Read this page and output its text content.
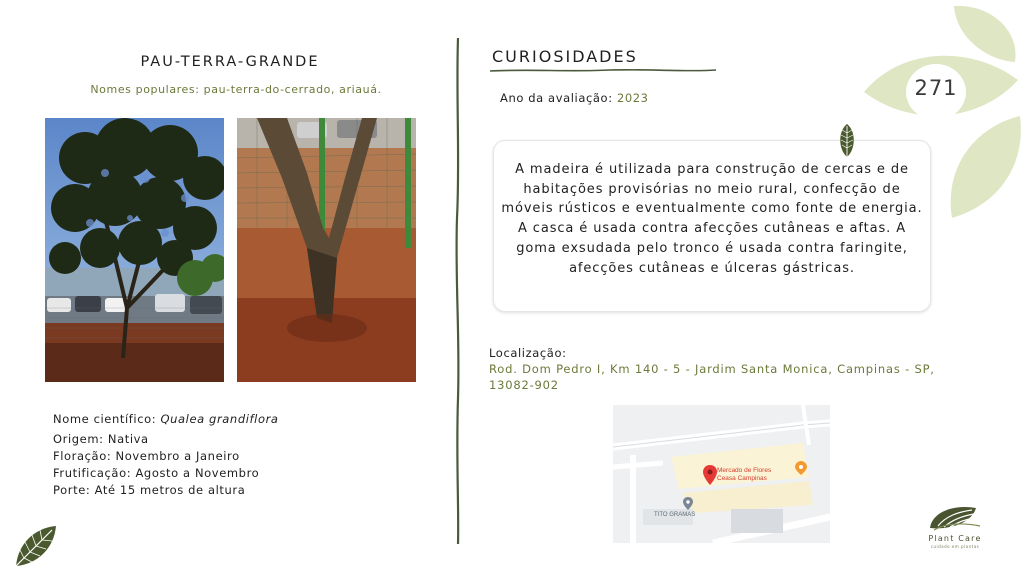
PAU-TERRA-GRANDE
Nomes populares: pau-terra-do-cerrado, ariauá.
Nome científico: Qualea grandiflora
Origem: Nativa
Floração: Novembro a Janeiro
Frutificação: Agosto a Novembro
Porte: Até 15 metros de altura
CURIOSIDADES
Ano da avaliação: 2023
A madeira é utilizada para construção de cercas e de habitações provisórias no meio rural, confecção de móveis rústicos e eventualmente como fonte de energia. A casca é usada contra afecções cutâneas e aftas. A goma exsudada pelo tronco é usada contra faringite, afecções cutâneas e úlceras gástricas.
Localização:
Rod. Dom Pedro I, Km 140 - 5 - Jardim Santa Monica, Campinas - SP, 13082-902
Mercado de Flores
Ceasa Campinas
TITO GRAMAS
271
Plant Care
cuidado em plantas
